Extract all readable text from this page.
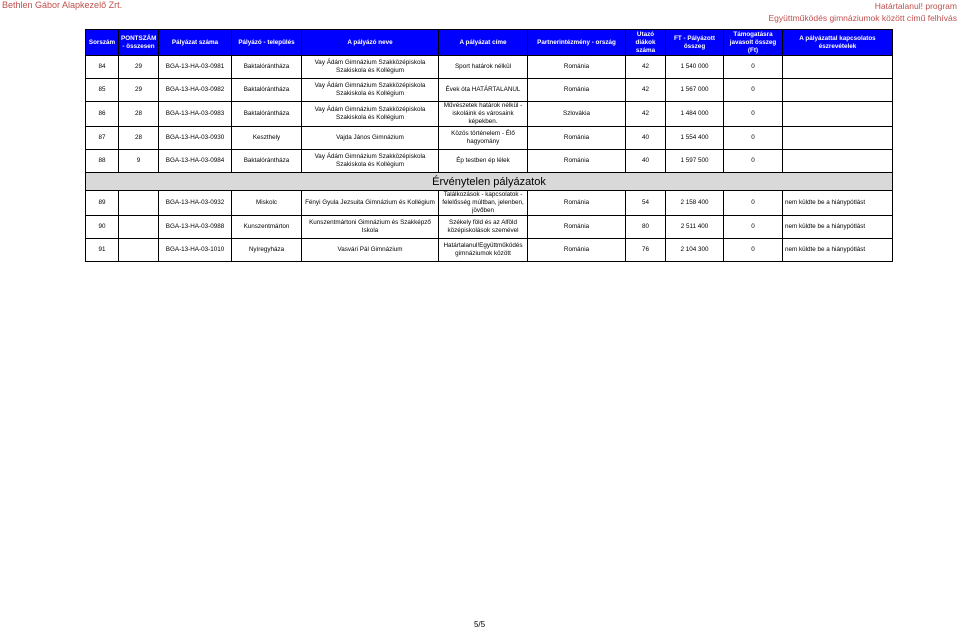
Bethlen Gábor Alapkezelő Zrt.	Határtalanul! program
Együttműködés gimnáziumok között című felhívás
Sorszám	PONTSZÁM - összesen	Pályázat száma	Pályázó - település	A pályázó neve	A pályázat címe	Partnerintézmény - ország	Utazó diákok száma	FT - Pályázott összeg	Támogatásra javasolt összeg (Ft)	A pályázattal kapcsolatos észrevételek
84	29	BGA-13-HA-03-0981	Baktalórántháza	Vay Ádám Gimnázium Szakközépiskola Szakiskola és Kollégium	Sport határok nélkül	Románia	42	1 540 000	0	
85	29	BGA-13-HA-03-0982	Baktalórántháza	Vay Ádám Gimnázium Szakközépiskola Szakiskola és Kollégium	Évek óta HATÁRTALANUL	Románia	42	1 567 000	0	
86	28	BGA-13-HA-03-0983	Baktalórántháza	Vay Ádám Gimnázium Szakközépiskola Szakiskola és Kollégium	Művészetek határok nélkül - iskoláink és városaink képekben.	Szlovákia	42	1 484 000	0	
87	28	BGA-13-HA-03-0930	Keszthely	Vajda János Gimnázium	Közös történelem - Élő hagyomány	Románia	40	1 554 400	0	
88	9	BGA-13-HA-03-0984	Baktalórántháza	Vay Ádám Gimnázium Szakközépiskola Szakiskola és Kollégium	Ép testben ép lélek	Románia	40	1 597 500	0	
Érvénytelen pályázatok										
89		BGA-13-HA-03-0932	Miskolc	Fényi Gyula Jezsuita Gimnázium és Kollégium	Találkozások - kapcsolatok - felelősség múltban, jelenben, jövőben	Románia	54	2 158 400	0	nem küldte be a hiánypótlást
90		BGA-13-HA-03-0988	Kunszentmárton	Kunszentmártoni Gimnázium és Szakképző Iskola	Székely föld és az Alföld középiskolások szemével	Románia	80	2 511 400	0	nem küldte be a hiánypótlást
91		BGA-13-HA-03-1010	Nyíregyháza	Vasvári Pál Gimnázium	Határtalanul!Együttműködés gimnáziumok között	Románia	76	2 104 300	0	nem küldte be a hiánypótlást
5/5
